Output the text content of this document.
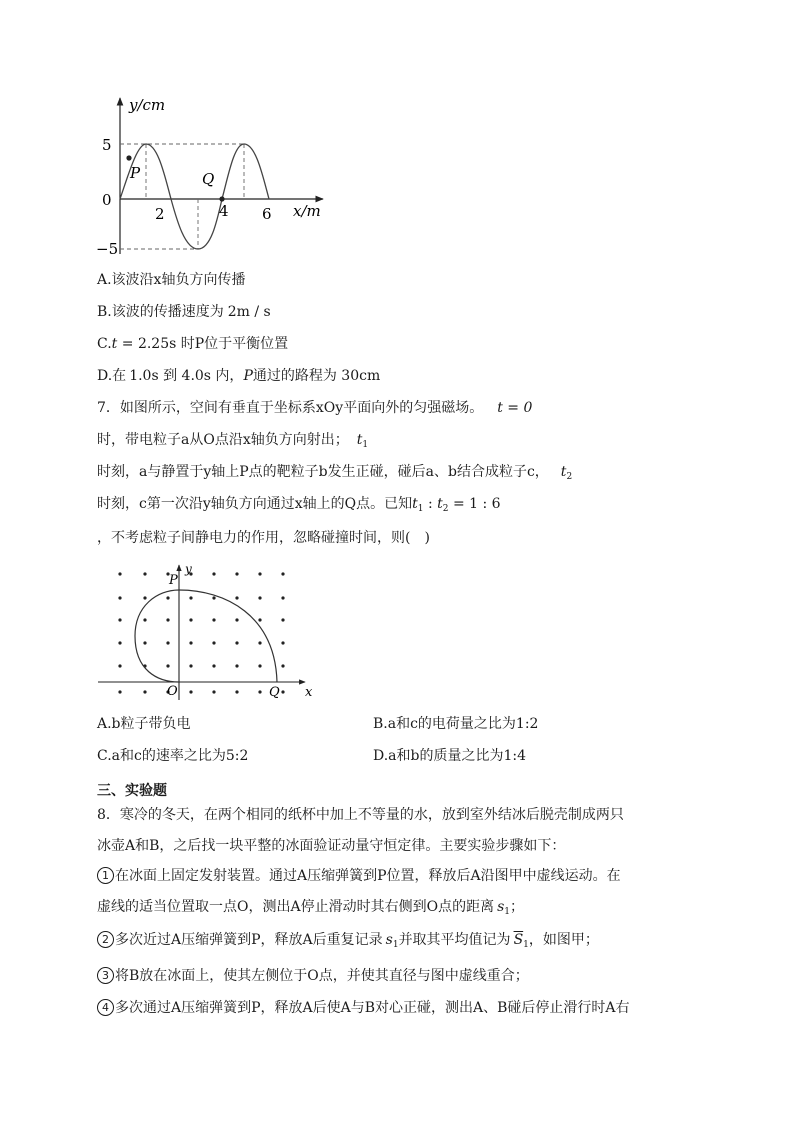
y/cm
5
0
−5
2	4 6 x/m
P	Q
A.该波沿x轴负方向传播
B.该波的传播速度为 2m / s
C.t = 2.25s 时P位于平衡位置
D.在 1.0s 到 4.0s 内，P通过的路程为 30cm
7．如图所示，空间有垂直于坐标系xOy平面向外的匀强磁场。 t = 0
时，带电粒子a从O点沿x轴负方向射出； $t_1$
时刻，a与静置于y轴上P点的靶粒子b发生正碰，碰后a、b结合成粒子c， $t_2$
时刻，c第一次沿y轴负方向通过x轴上的Q点。已知$t_1$ : $t_2 = 1$ : 6
，不考虑粒子间静电力的作用，忽略碰撞时间，则(　)
P
y
O	Q x
A.b粒子带负电	B.a和c的电荷量之比为1:2
C.a和c的速率之比为5:2	D.a和b的质量之比为1:4
三、实验题
8．寒冷的冬天，在两个相同的纸杯中加上不等量的水，放到室外结冰后脱壳制成两只
冰壶A和B，之后找一块平整的冰面验证动量守恒定律。主要实验步骤如下：
1 在冰面上固定发射装置。通过A压缩弹簧到P位置，释放后A沿图甲中虚线运动。在
虚线的适当位置取一点O，测出A停止滑动时其右侧到O点的距离 $s_1$；
2 多次近过A压缩弹簧到P，释放A后重复记录 $s_1$并取其平均值记为 $\overline{S}_1$，如图甲；
3 将B放在冰面上，使其左侧位于O点，并使其直径与图中虚线重合；
4 多次通过A压缩弹簧到P，释放A后使A与B对心正碰，测出A、B碰后停止滑行时A右
